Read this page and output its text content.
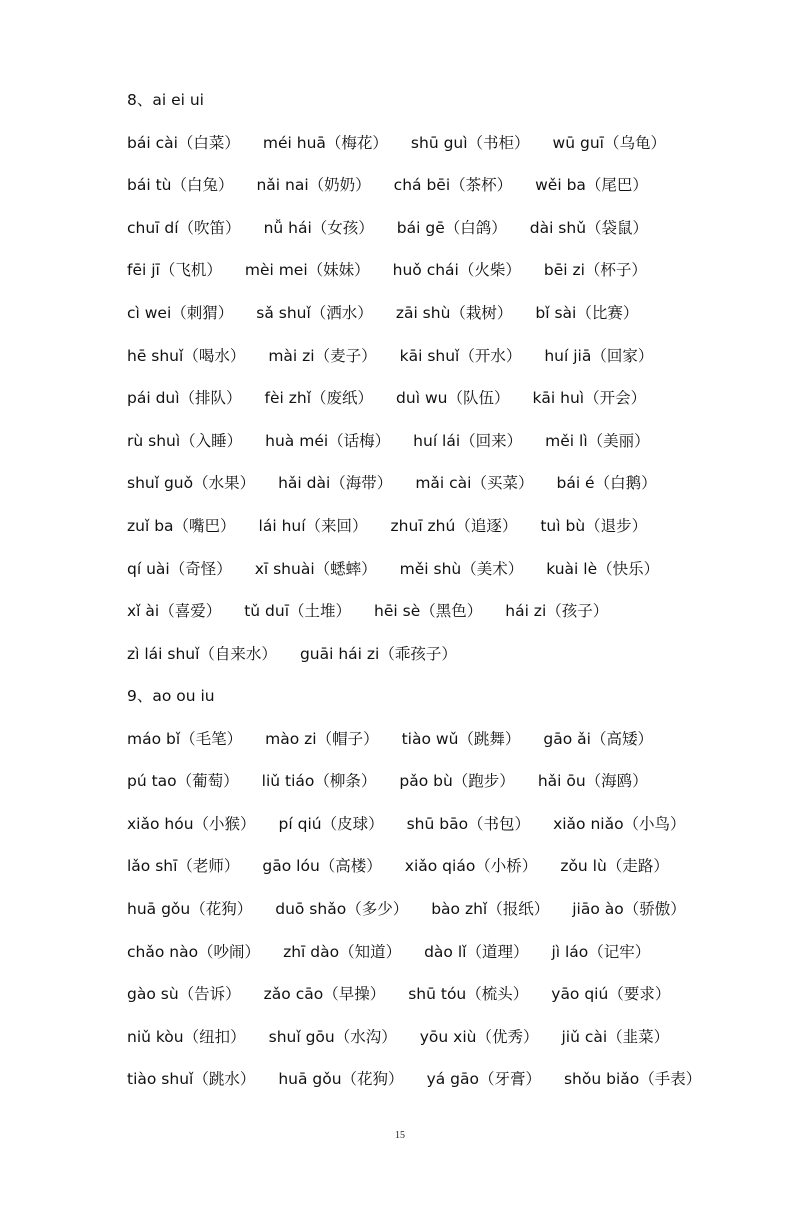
8、ai ei ui
bái cài（白菜） méi huā（梅花） shū guì（书柜） wū guī（乌龟）
bái tù（白兔） nǎi nai（奶奶） chá bēi（茶杯） wěi ba（尾巴）
chuī dí（吹笛） nǚ hái（女孩） bái gē（白鸽） dài shǔ（袋鼠）
fēi jī（飞机） mèi mei（妹妹） huǒ chái（火柴） bēi zi（杯子）
cì wei（刺猬） sǎ shuǐ（洒水） zāi shù（栽树） bǐ sài（比赛）
hē shuǐ（喝水） mài zi（麦子） kāi shuǐ（开水） huí jiā（回家）
pái duì（排队） fèi zhǐ（废纸） duì wu（队伍） kāi huì（开会）
rù shuì（入睡） huà méi（话梅） huí lái（回来） měi lì（美丽）
shuǐ guǒ（水果） hǎi dài（海带） mǎi cài（买菜） bái é（白鹅）
zuǐ ba（嘴巴） lái huí（来回） zhuī zhú（追逐） tuì bù（退步）
qí uài（奇怪） xī shuài（蟋蟀） měi shù（美术） kuài lè（快乐）
xǐ ài（喜爱） tǔ duī（土堆） hēi sè（黑色） hái zi（孩子）
zì lái shuǐ（自来水） guāi hái zi（乖孩子）
9、ao ou iu
máo bǐ（毛笔） mào zi（帽子） tiào wǔ（跳舞） gāo ǎi（高矮）
pú tao（葡萄） liǔ tiáo（柳条） pǎo bù（跑步） hǎi ōu（海鸥）
xiǎo hóu（小猴） pí qiú（皮球） shū bāo（书包） xiǎo niǎo（小鸟）
lǎo shī（老师） gāo lóu（高楼） xiǎo qiáo（小桥） zǒu lù（走路）
huā gǒu（花狗） duō shǎo（多少） bào zhǐ（报纸） jiāo ào（骄傲）
chǎo nào（吵闹） zhī dào（知道） dào lǐ（道理） jì láo（记牢）
gào sù（告诉） zǎo cāo（早操） shū tóu（梳头） yāo qiú（要求）
niǔ kòu（纽扣） shuǐ gōu（水沟） yōu xiù（优秀） jiǔ cài（韭菜）
tiào shuǐ（跳水） huā gǒu（花狗） yá gāo（牙膏） shǒu biǎo（手表）
15
